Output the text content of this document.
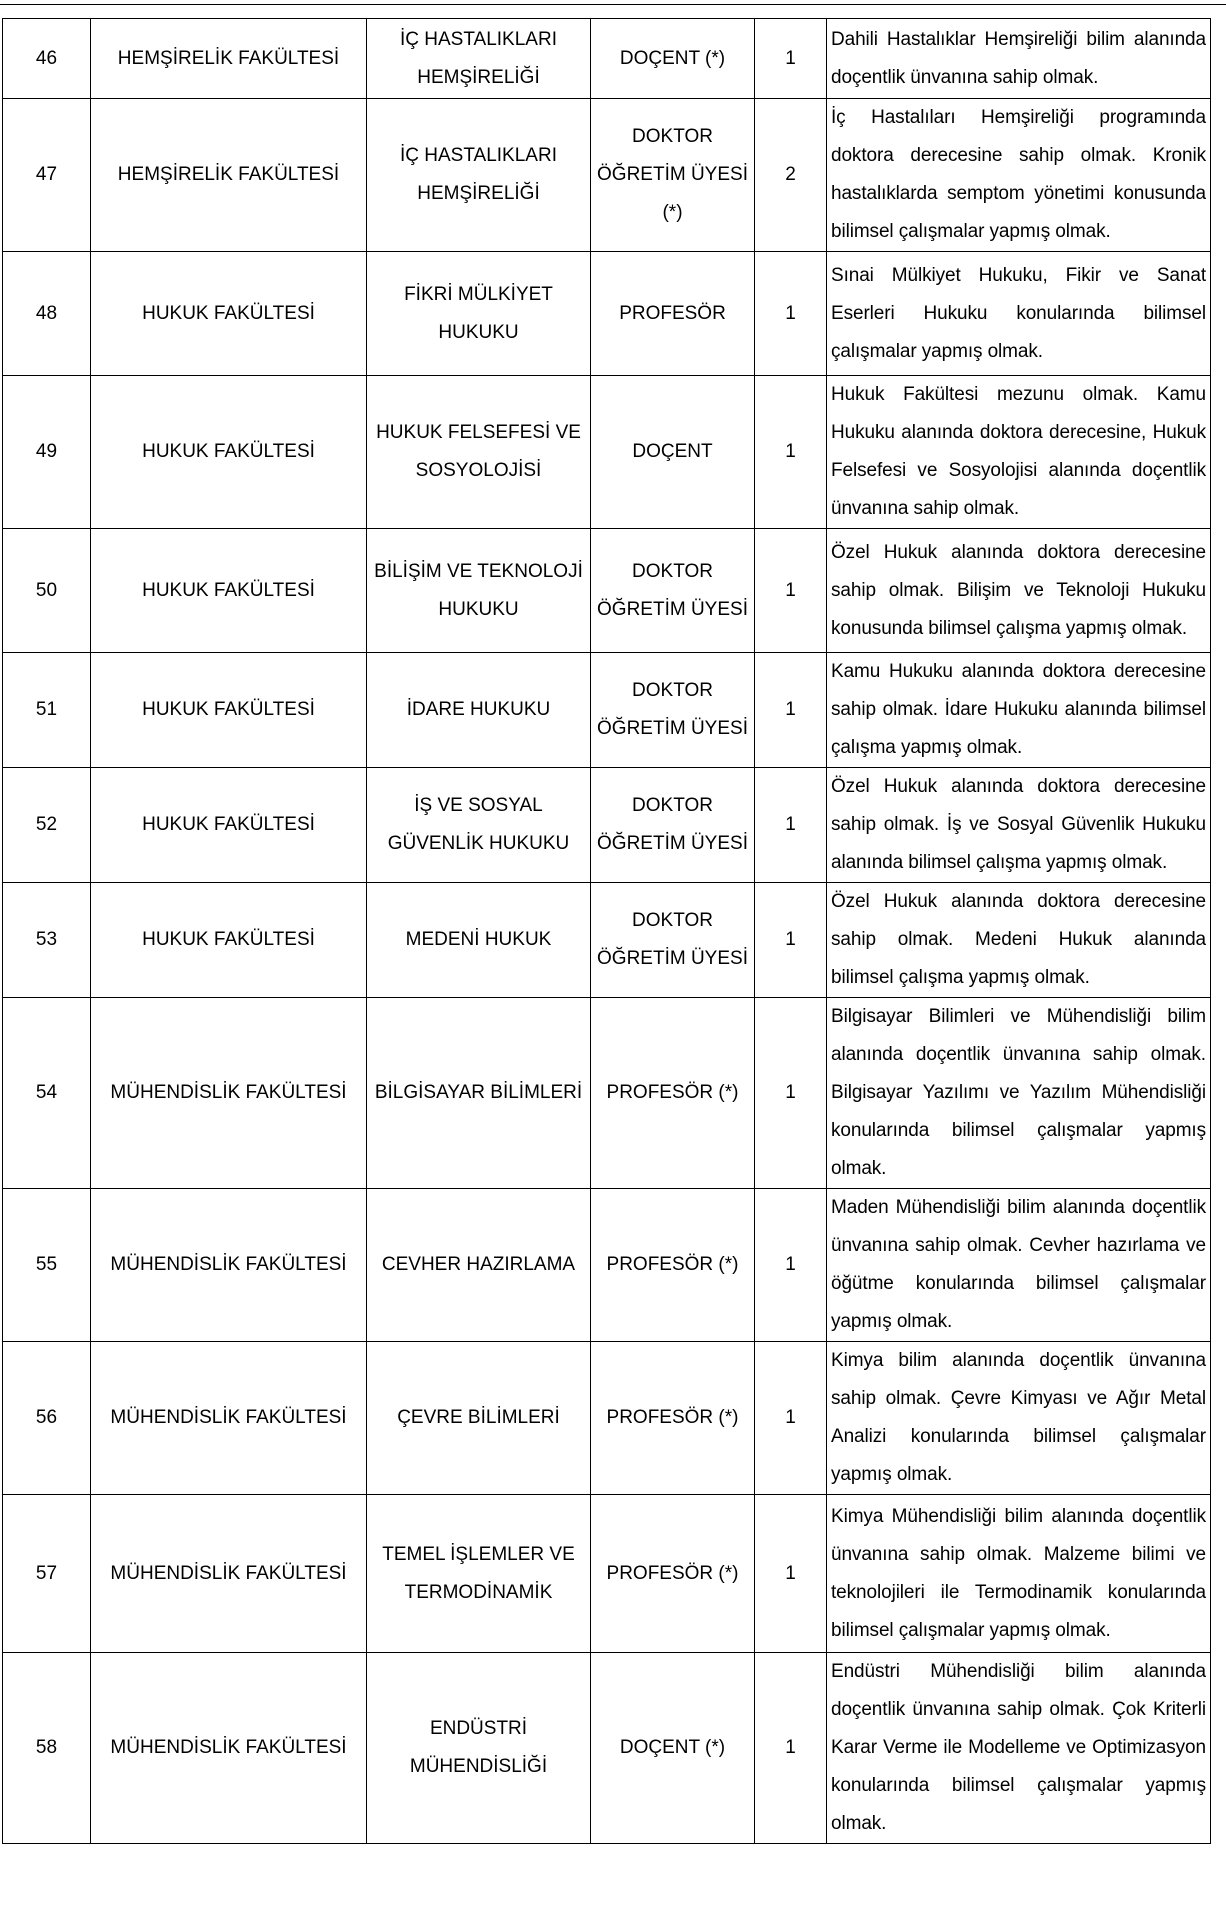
46	HEMŞİRELİK FAKÜLTESİ	İÇ HASTALIKLARI HEMŞİRELİĞİ	DOÇENT (*)	1	Dahili Hastalıklar Hemşireliği bilim alanında doçentlik ünvanına sahip olmak.
47	HEMŞİRELİK FAKÜLTESİ	İÇ HASTALIKLARI HEMŞİRELİĞİ	DOKTOR ÖĞRETİM ÜYESİ (*)	2	İç Hastalıları Hemşireliği programında doktora derecesine sahip olmak. Kronik hastalıklarda semptom yönetimi konusunda bilimsel çalışmalar yapmış olmak.
48	HUKUK FAKÜLTESİ	FİKRİ MÜLKİYET HUKUKU	PROFESÖR	1	Sınai Mülkiyet Hukuku, Fikir ve Sanat Eserleri Hukuku konularında bilimsel çalışmalar yapmış olmak.
49	HUKUK FAKÜLTESİ	HUKUK FELSEFESİ VE SOSYOLOJİSİ	DOÇENT	1	Hukuk Fakültesi mezunu olmak. Kamu Hukuku alanında doktora derecesine, Hukuk Felsefesi ve Sosyolojisi alanında doçentlik ünvanına sahip olmak.
50	HUKUK FAKÜLTESİ	BİLİŞİM VE TEKNOLOJİ HUKUKU	DOKTOR ÖĞRETİM ÜYESİ	1	Özel Hukuk alanında doktora derecesine sahip olmak. Bilişim ve Teknoloji Hukuku konusunda bilimsel çalışma yapmış olmak.
51	HUKUK FAKÜLTESİ	İDARE HUKUKU	DOKTOR ÖĞRETİM ÜYESİ	1	Kamu Hukuku alanında doktora derecesine sahip olmak. İdare Hukuku alanında bilimsel çalışma yapmış olmak.
52	HUKUK FAKÜLTESİ	İŞ VE SOSYAL GÜVENLİK HUKUKU	DOKTOR ÖĞRETİM ÜYESİ	1	Özel Hukuk alanında doktora derecesine sahip olmak. İş ve Sosyal Güvenlik Hukuku alanında bilimsel çalışma yapmış olmak.
53	HUKUK FAKÜLTESİ	MEDENİ HUKUK	DOKTOR ÖĞRETİM ÜYESİ	1	Özel Hukuk alanında doktora derecesine sahip olmak. Medeni Hukuk alanında bilimsel çalışma yapmış olmak.
54	MÜHENDİSLİK FAKÜLTESİ	BİLGİSAYAR BİLİMLERİ	PROFESÖR (*)	1	Bilgisayar Bilimleri ve Mühendisliği bilim alanında doçentlik ünvanına sahip olmak. Bilgisayar Yazılımı ve Yazılım Mühendisliği konularında bilimsel çalışmalar yapmış olmak.
55	MÜHENDİSLİK FAKÜLTESİ	CEVHER HAZIRLAMA	PROFESÖR (*)	1	Maden Mühendisliği bilim alanında doçentlik ünvanına sahip olmak. Cevher hazırlama ve öğütme konularında bilimsel çalışmalar yapmış olmak.
56	MÜHENDİSLİK FAKÜLTESİ	ÇEVRE BİLİMLERİ	PROFESÖR (*)	1	Kimya bilim alanında doçentlik ünvanına sahip olmak. Çevre Kimyası ve Ağır Metal Analizi konularında bilimsel çalışmalar yapmış olmak.
57	MÜHENDİSLİK FAKÜLTESİ	TEMEL İŞLEMLER VE TERMODİNAMİK	PROFESÖR (*)	1	Kimya Mühendisliği bilim alanında doçentlik ünvanına sahip olmak. Malzeme bilimi ve teknolojileri ile Termodinamik konularında bilimsel çalışmalar yapmış olmak.
58	MÜHENDİSLİK FAKÜLTESİ	ENDÜSTRİ MÜHENDİSLİĞİ	DOÇENT (*)	1	Endüstri Mühendisliği bilim alanında doçentlik ünvanına sahip olmak. Çok Kriterli Karar Verme ile Modelleme ve Optimizasyon konularında bilimsel çalışmalar yapmış olmak.
